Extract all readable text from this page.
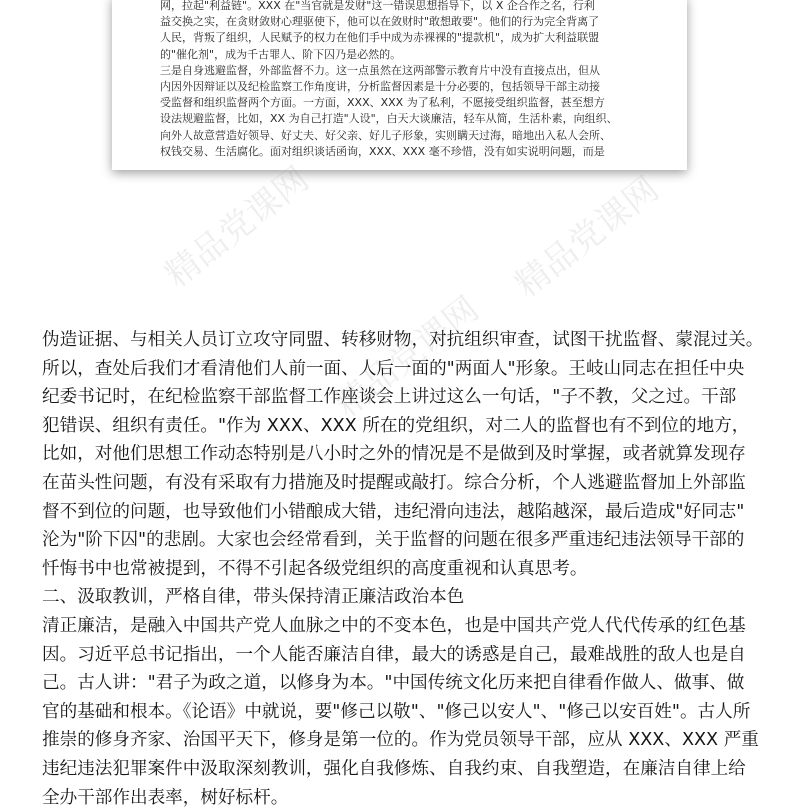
网，拉起"利益链"。XXX 在"当官就是发财"这一错误思想指导下，以 X 企合作之名，行利
益交换之实，在贪财敛财心理驱使下，他可以在敛财时"敢想敢要"。他们的行为完全背离了
人民，背叛了组织，人民赋予的权力在他们手中成为赤裸裸的"提款机"，成为扩大利益联盟
的"催化剂"，成为千古罪人、阶下囚乃是必然的。
三是自身逃避监督，外部监督不力。这一点虽然在这两部警示教育片中没有直接点出，但从
内因外因辩证以及纪检监察工作角度讲，分析监督因素是十分必要的，包括领导干部主动接
受监督和组织监督两个方面。一方面，XXX、XXX 为了私利，不愿接受组织监督，甚至想方
设法规避监督，比如，XX 为自己打造"人设"，白天大谈廉洁，轻车从简，生活朴素，向组织、
向外人故意营造好领导、好丈夫、好父亲、好儿子形象，实则瞒天过海，暗地出入私人会所、
权钱交易、生活腐化。面对组织谈话函询，XXX、XXX 毫不珍惜，没有如实说明问题，而是
精品党课网	精品党课网
精品党课网
伪造证据、与相关人员订立攻守同盟、转移财物，对抗组织审查，试图干扰监督、蒙混过关。
所以，查处后我们才看清他们人前一面、人后一面的"两面人"形象。王岐山同志在担任中央
纪委书记时，在纪检监察干部监督工作座谈会上讲过这么一句话，"子不教，父之过。干部
犯错误、组织有责任。"作为 XXX、XXX 所在的党组织，对二人的监督也有不到位的地方，
比如，对他们思想工作动态特别是八小时之外的情况是不是做到及时掌握，或者就算发现存
在苗头性问题，有没有采取有力措施及时提醒或敲打。综合分析，个人逃避监督加上外部监
督不到位的问题，也导致他们小错酿成大错，违纪滑向违法，越陷越深，最后造成"好同志"
沦为"阶下囚"的悲剧。大家也会经常看到，关于监督的问题在很多严重违纪违法领导干部的
忏悔书中也常被提到，不得不引起各级党组织的高度重视和认真思考。
二、汲取教训，严格自律，带头保持清正廉洁政治本色
清正廉洁，是融入中国共产党人血脉之中的不变本色，也是中国共产党人代代传承的红色基
因。习近平总书记指出，一个人能否廉洁自律，最大的诱惑是自己，最难战胜的敌人也是自
己。古人讲："君子为政之道，以修身为本。"中国传统文化历来把自律看作做人、做事、做
官的基础和根本。《论语》中就说，要"修己以敬"、"修己以安人"、"修己以安百姓"。古人所
推崇的修身齐家、治国平天下，修身是第一位的。作为党员领导干部，应从 XXX、XXX 严重
违纪违法犯罪案件中汲取深刻教训，强化自我修炼、自我约束、自我塑造，在廉洁自律上给
全办干部作出表率，树好标杆。
